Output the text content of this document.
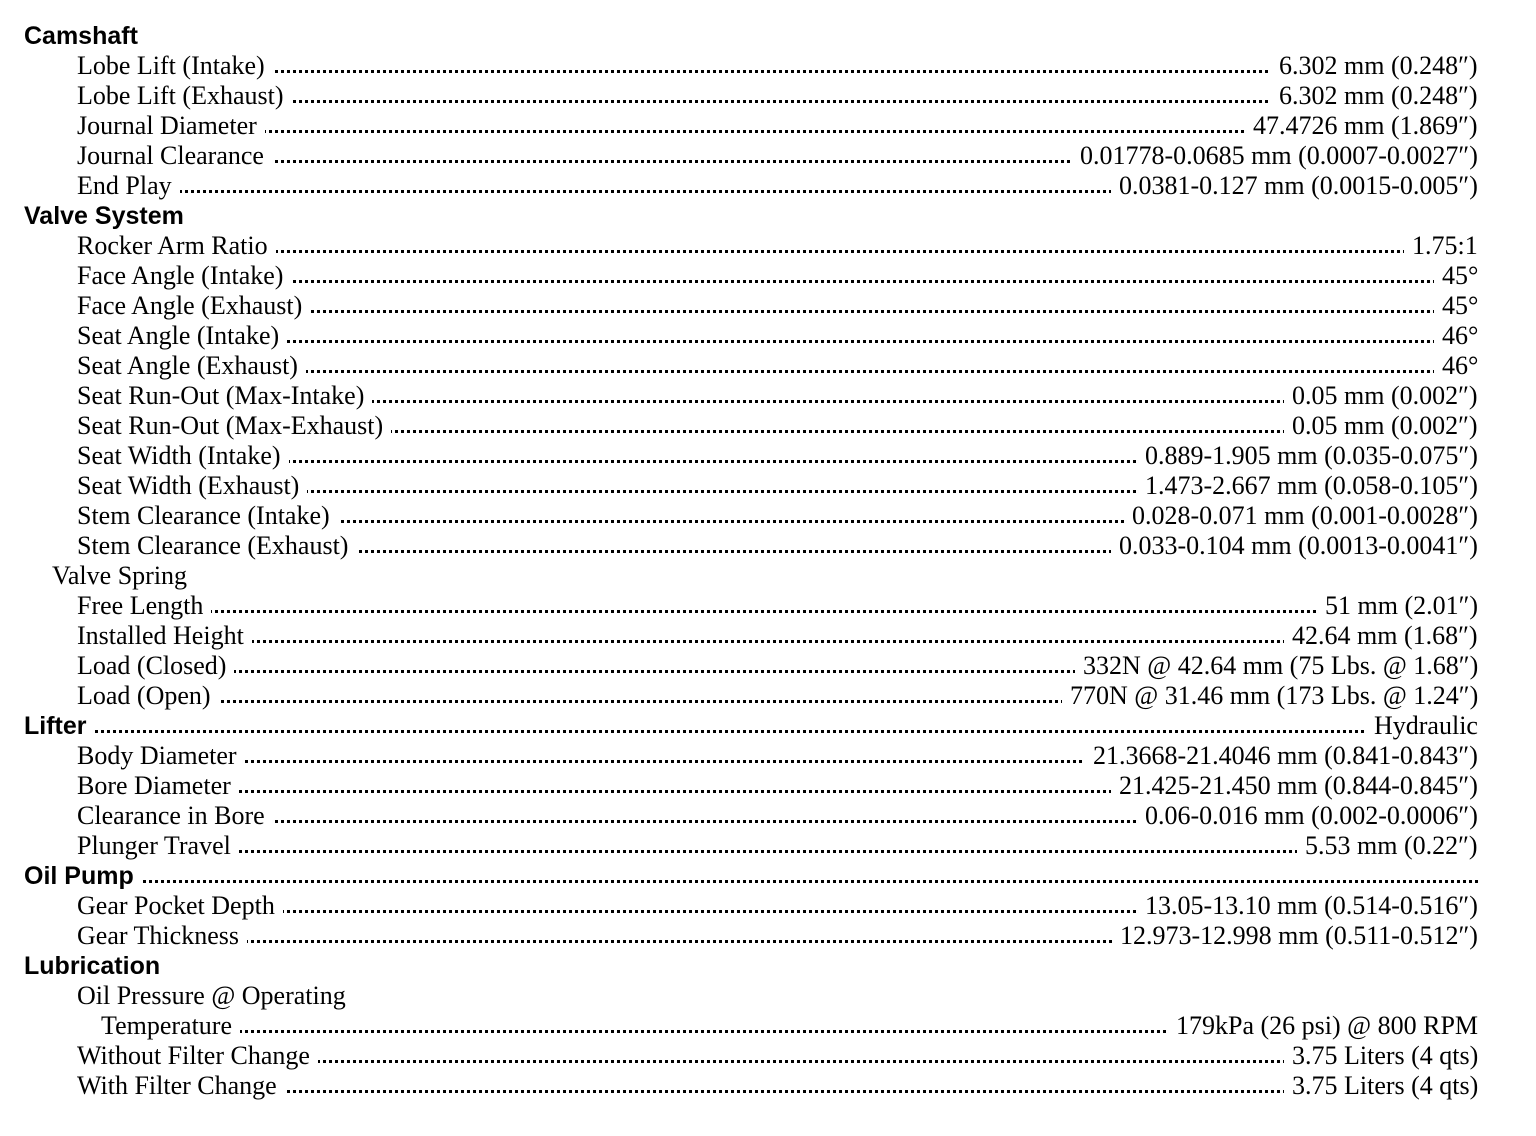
Camshaft
Lobe Lift (Intake)	6.302 mm (0.248″)
Lobe Lift (Exhaust)	6.302 mm (0.248″)
Journal Diameter	47.4726 mm (1.869″)
Journal Clearance	0.01778-0.0685 mm (0.0007-0.0027″)
End Play	0.0381-0.127 mm (0.0015-0.005″)
Valve System
Rocker Arm Ratio	1.75:1
Face Angle (Intake)	45°
Face Angle (Exhaust)	45°
Seat Angle (Intake)	46°
Seat Angle (Exhaust)	46°
Seat Run-Out (Max-Intake)	0.05 mm (0.002″)
Seat Run-Out (Max-Exhaust)	0.05 mm (0.002″)
Seat Width (Intake)	0.889-1.905 mm (0.035-0.075″)
Seat Width (Exhaust)	1.473-2.667 mm (0.058-0.105″)
Stem Clearance (Intake)	0.028-0.071 mm (0.001-0.0028″)
Stem Clearance (Exhaust)	0.033-0.104 mm (0.0013-0.0041″)
Valve Spring
Free Length	51 mm (2.01″)
Installed Height	42.64 mm (1.68″)
Load (Closed)	332N @ 42.64 mm (75 Lbs. @ 1.68″)
Load (Open)	770N @ 31.46 mm (173 Lbs. @ 1.24″)
Lifter	Hydraulic
Body Diameter	21.3668-21.4046 mm (0.841-0.843″)
Bore Diameter	21.425-21.450 mm (0.844-0.845″)
Clearance in Bore	0.06-0.016 mm (0.002-0.0006″)
Plunger Travel	5.53 mm (0.22″)
Oil Pump
Gear Pocket Depth	13.05-13.10 mm (0.514-0.516″)
Gear Thickness	12.973-12.998 mm (0.511-0.512″)
Lubrication
Oil Pressure @ Operating
Temperature	179kPa (26 psi) @ 800 RPM
Without Filter Change	3.75 Liters (4 qts)
With Filter Change	3.75 Liters (4 qts)
